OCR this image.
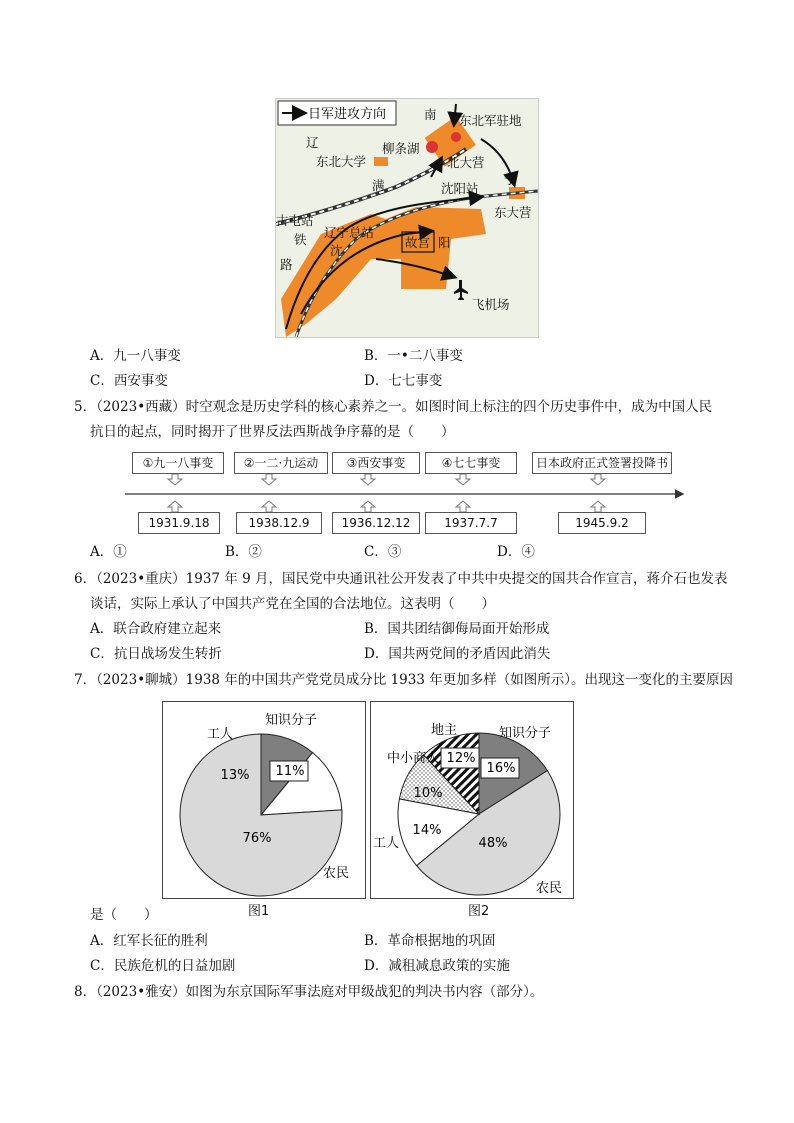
日军进攻方向	南 东北军驻地
辽	柳条湖
东北大学	北大营
满	沈阳站
宁
古屯站
东大营
铁 辽宁总站
沈
故宫 阳
路
飞机场
A．九一八事变	B．一•二八事变
C．西安事变	D．七七事变
5．（2023•西藏）时空观念是历史学科的核心素养之一。如图时间上标注的四个历史事件中，成为中国人民
抗日的起点，同时揭开了世界反法西斯战争序幕的是（　　）
①九一八事变	②一二·九运动	③西安事变	④七七事变	日本政府正式签署投降书
1931.9.18	1938.12.9	1936.12.12	1937.7.7	1945.9.2
A．①	B．②	C．③	D．④
6．（2023•重庆）1937 年 9 月，国民党中央通讯社公开发表了中共中央提交的国共合作宣言，蒋介石也发表
谈话，实际上承认了中国共产党在全国的合法地位。这表明（　　）
A．联合政府建立起来	B．国共团结御侮局面开始形成
C．抗日战场发生转折	D．国共两党间的矛盾因此消失
7．（2023•聊城）1938 年的中国共产党党员成分比 1933 年更加多样（如图所示）。出现这一变化的主要原因
11%
知识分子
13%
工人
76%
农民
图1
16%
知识分子
48%
农民
14%
工人
10%
中小商人 12%
地主
图2
是（　　）
A．红军长征的胜利	B．革命根据地的巩固
C．民族危机的日益加剧	D．减租减息政策的实施
8．（2023•雅安）如图为东京国际军事法庭对甲级战犯的判决书内容（部分）。
